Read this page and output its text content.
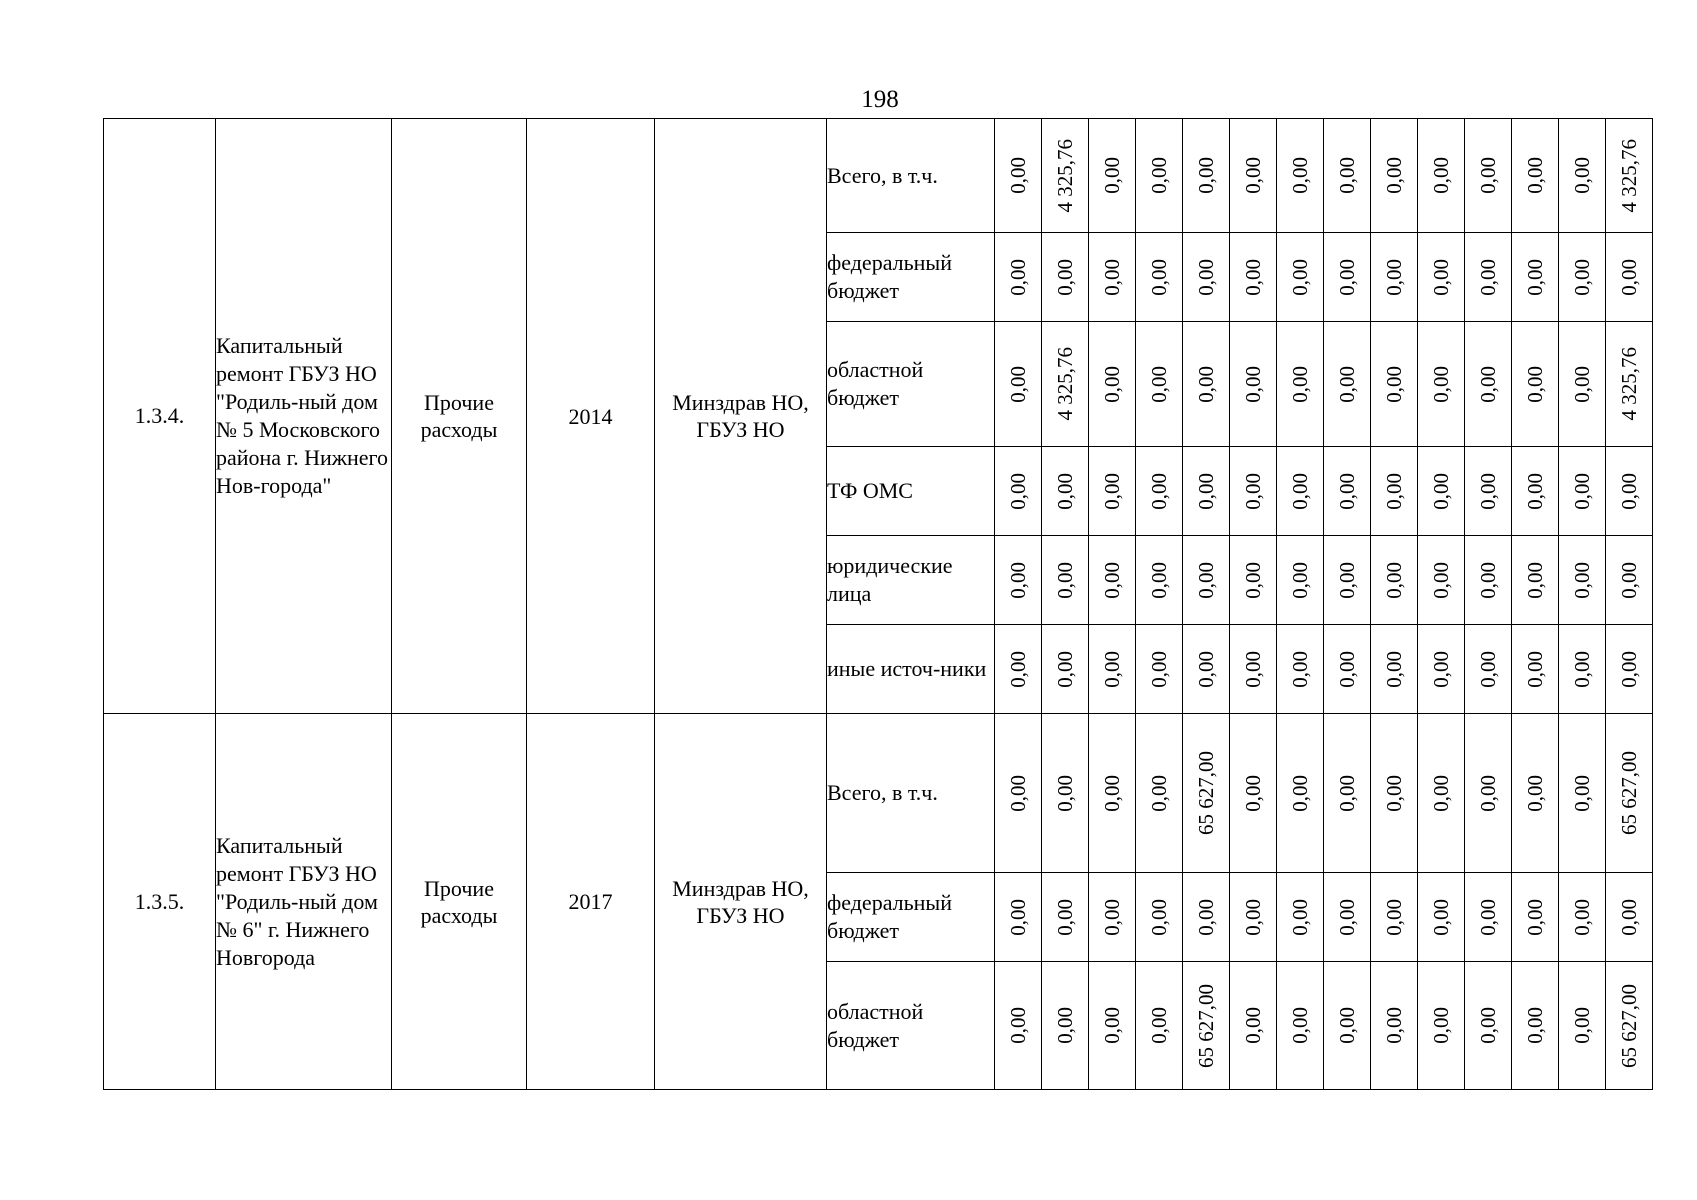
198
1.3.4.	Капитальный ремонт ГБУЗ НО "Родиль-ный дом № 5 Московского района г. Нижнего Нов-города"	Прочие расходы	2014	Минздрав НО, ГБУЗ НО	Всего, в т.ч.	0,00	4 325,76	0,00	0,00	0,00	0,00	0,00	0,00	0,00	0,00	0,00	0,00	0,00	4 325,76

					федеральный бюджет	0,00	0,00	0,00	0,00	0,00	0,00	0,00	0,00	0,00	0,00	0,00	0,00	0,00	0,00

					областной бюджет	0,00	4 325,76	0,00	0,00	0,00	0,00	0,00	0,00	0,00	0,00	0,00	0,00	0,00	4 325,76

					ТФ ОМС	0,00	0,00	0,00	0,00	0,00	0,00	0,00	0,00	0,00	0,00	0,00	0,00	0,00	0,00

					юридические лица	0,00	0,00	0,00	0,00	0,00	0,00	0,00	0,00	0,00	0,00	0,00	0,00	0,00	0,00

					иные источ-ники	0,00	0,00	0,00	0,00	0,00	0,00	0,00	0,00	0,00	0,00	0,00	0,00	0,00	0,00

1.3.5.	Капитальный ремонт ГБУЗ НО "Родиль-ный дом № 6" г. Нижнего Новгорода	Прочие расходы	2017	Минздрав НО, ГБУЗ НО	Всего, в т.ч.	0,00	0,00	0,00	0,00	65 627,00	0,00	0,00	0,00	0,00	0,00	0,00	0,00	0,00	65 627,00

					федеральный бюджет	0,00	0,00	0,00	0,00	0,00	0,00	0,00	0,00	0,00	0,00	0,00	0,00	0,00	0,00

					областной бюджет	0,00	0,00	0,00	0,00	65 627,00	0,00	0,00	0,00	0,00	0,00	0,00	0,00	0,00	65 627,00
